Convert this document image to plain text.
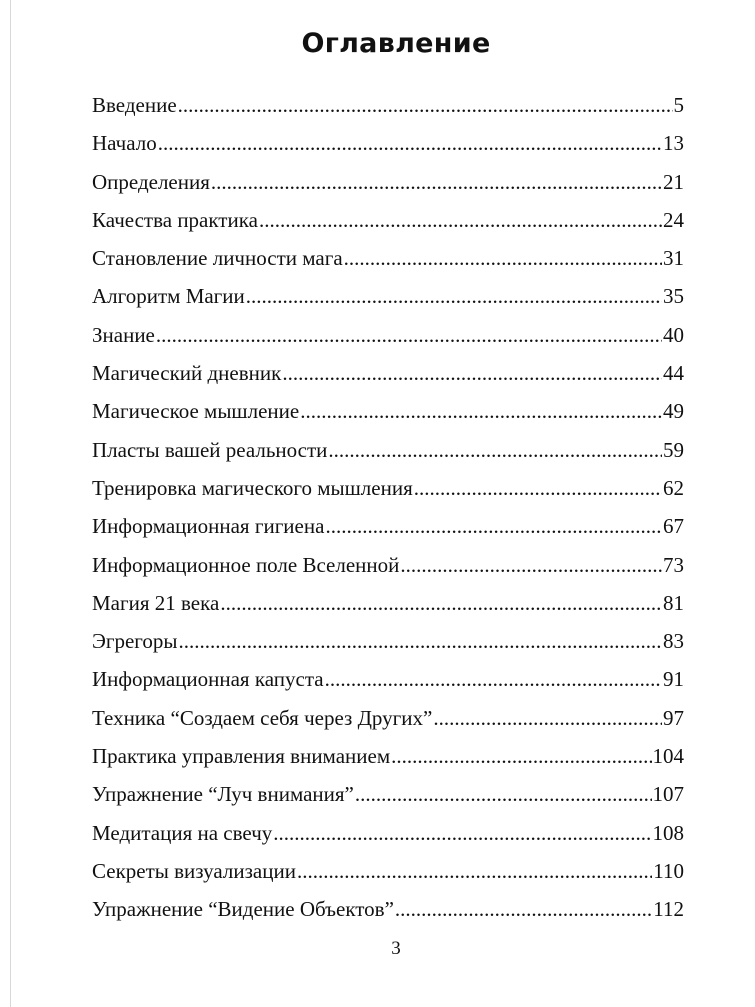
Оглавление
Введение .....	5
Начало .....	13
Определения .....	21
Качества практика .....	24
Становление личности мага .....	31
Алгоритм Магии .....	35
Знание .....	40
Магический дневник .....	44
Магическое мышление .....	49
Пласты вашей реальности .....	59
Тренировка магического мышления .....	62
Информационная гигиена .....	67
Информационное поле Вселенной .....	73
Магия 21 века .....	81
Эгрегоры .....	83
Информационная капуста .....	91
Техника “Создаем себя через Других” .....	97
Практика управления вниманием .....	104
Упражнение “Луч внимания” .....	107
Медитация на свечу .....	108
Секреты визуализации .....	110
Упражнение “Видение Объектов” .....	112
3
